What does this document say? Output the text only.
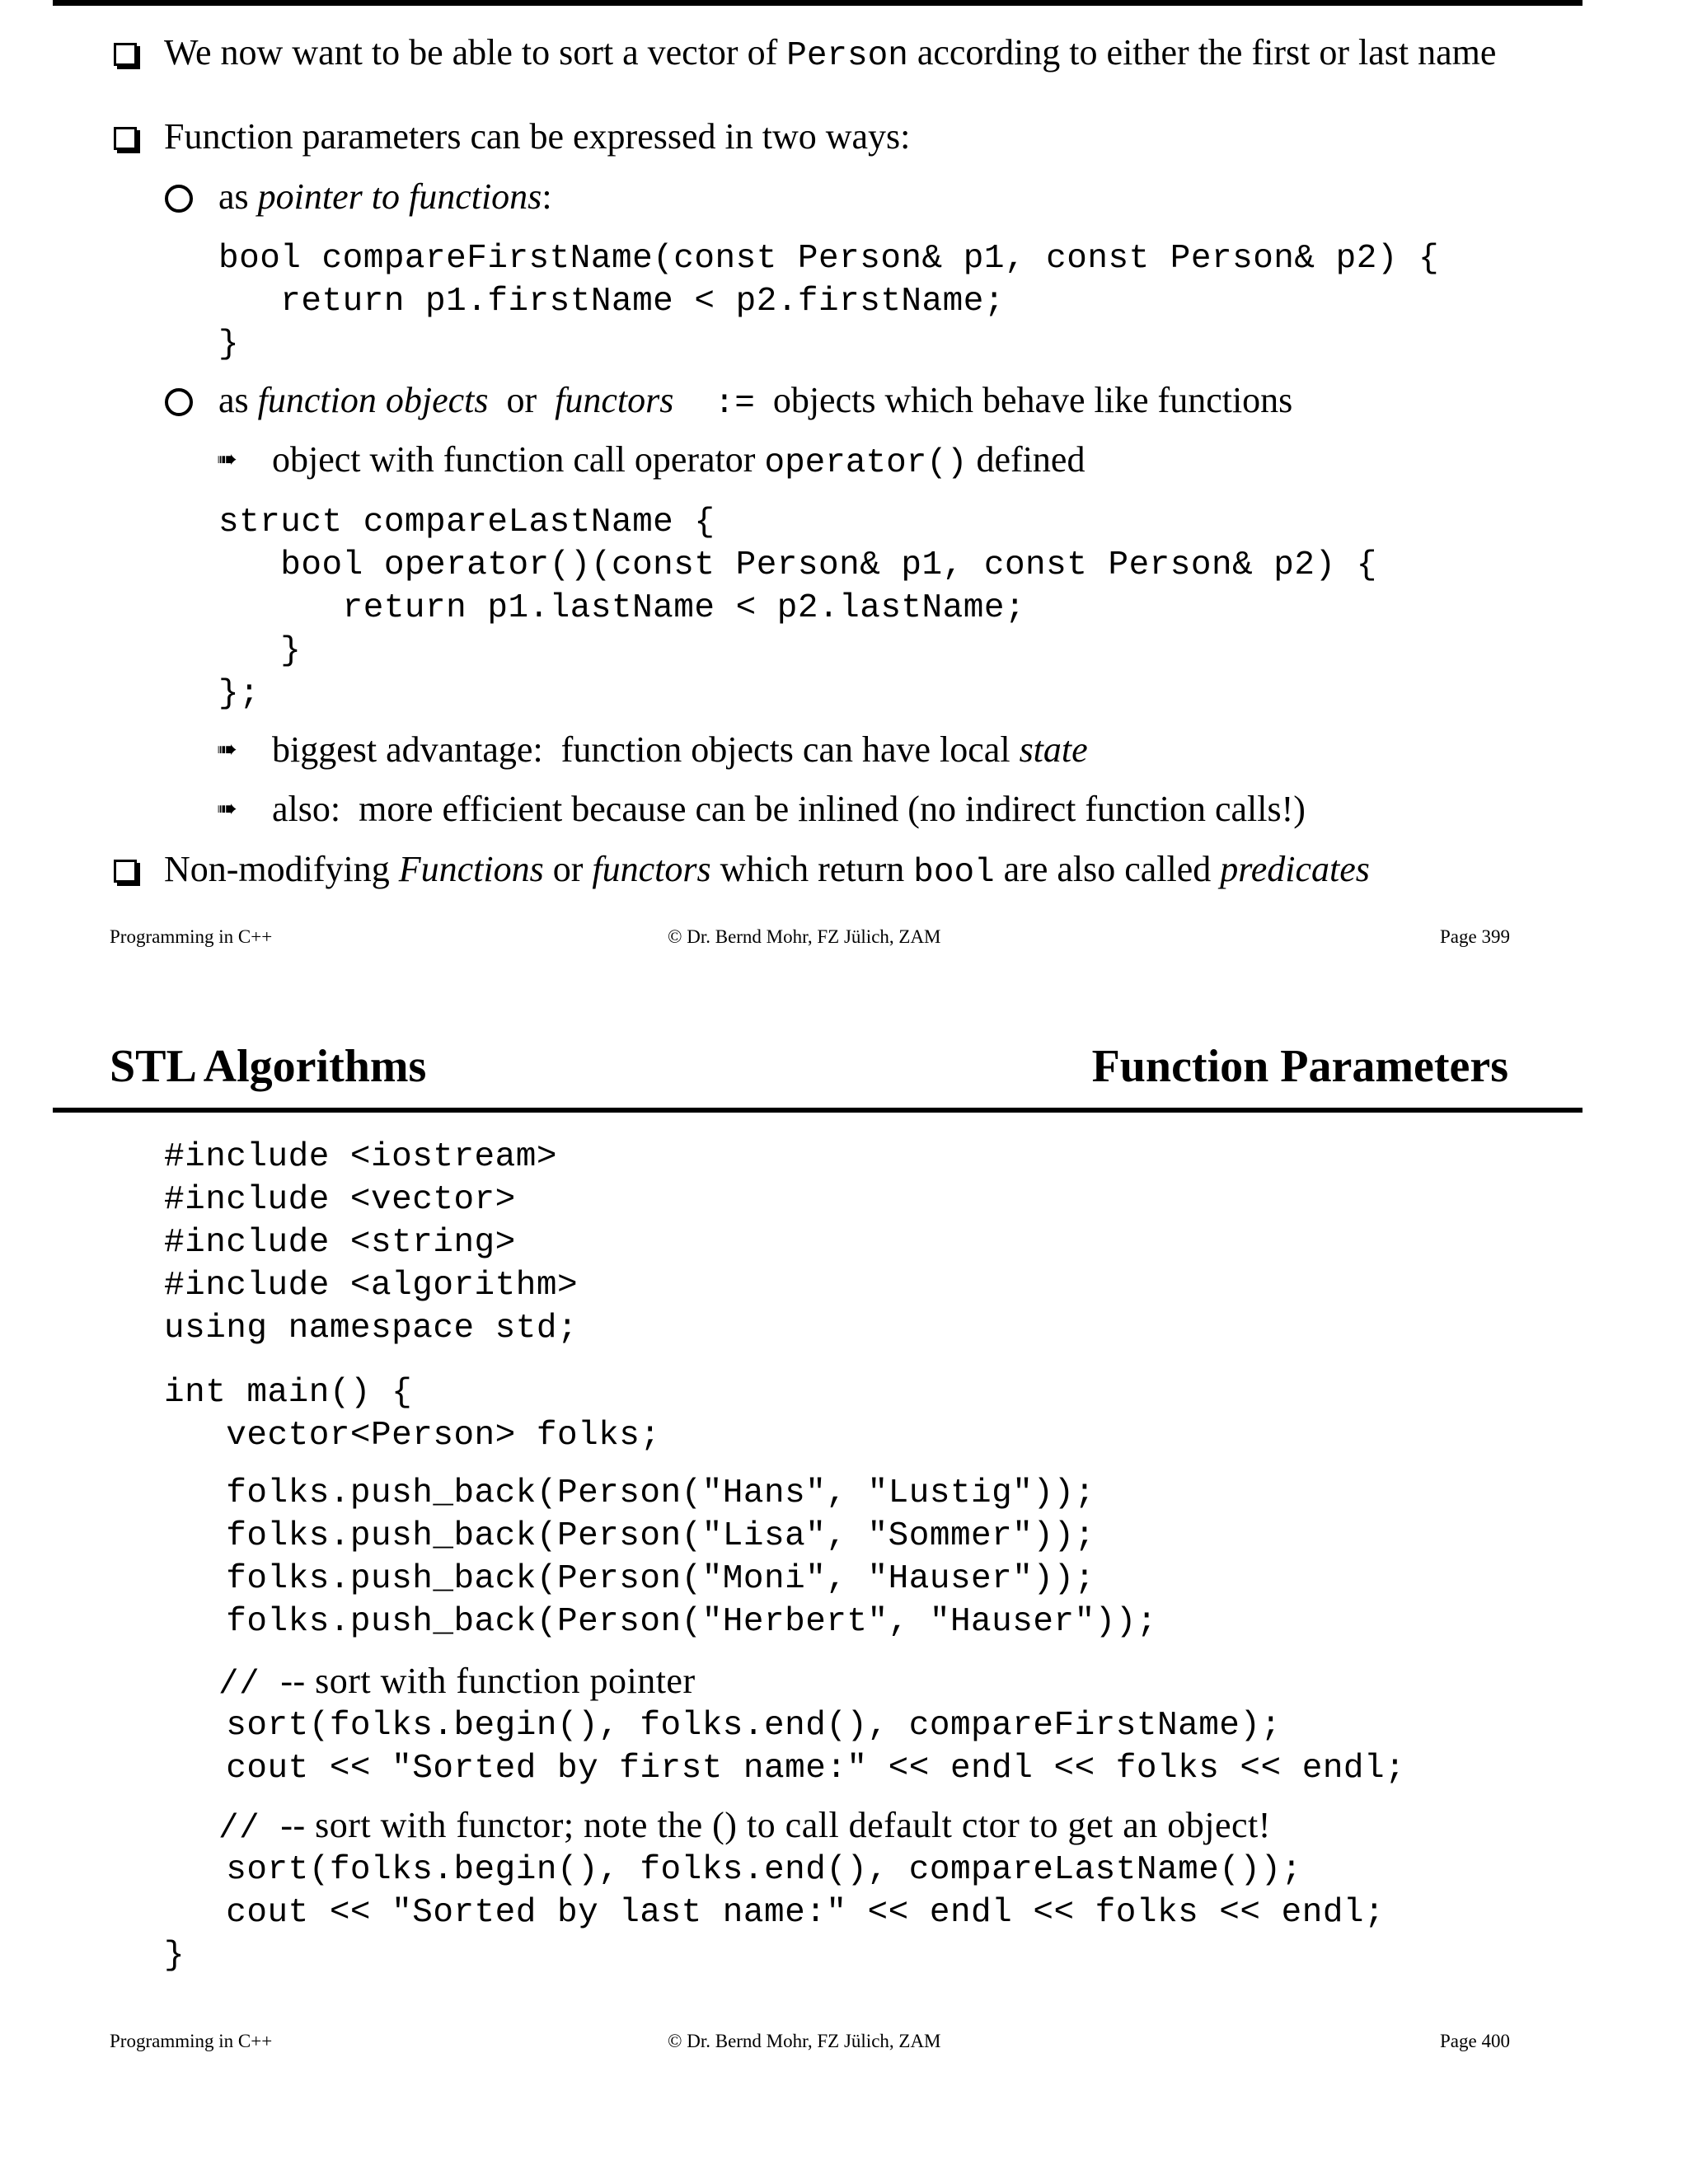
We now want to be able to sort a vector of Person according to either the first or last name
Function parameters can be expressed in two ways:
as pointer to functions:
bool compareFirstName(const Person& p1, const Person& p2) {
return p1.firstName < p2.firstName;
}
as function objects  or  functors  :=  objects which behave like functions
➠ object with function call operator operator() defined
struct compareLastName {
bool operator()(const Person& p1, const Person& p2) {
return p1.lastName < p2.lastName;
}
};
➠ biggest advantage:  function objects can have local state
➠ also:  more efficient because can be inlined (no indirect function calls!)
Non-modifying Functions or functors which return bool are also called predicates
Programming in C++	© Dr. Bernd Mohr, FZ Jülich, ZAM	Page 399
STL Algorithms	Function Parameters
#include <iostream>
#include <vector>
#include <string>
#include <algorithm>
using namespace std;
int main() {
vector<Person> folks;
folks.push_back(Person("Hans", "Lustig"));
folks.push_back(Person("Lisa", "Sommer"));
folks.push_back(Person("Moni", "Hauser"));
folks.push_back(Person("Herbert", "Hauser"));
// -- sort with function pointer
sort(folks.begin(), folks.end(), compareFirstName);
cout << "Sorted by first name:" << endl << folks << endl;
// -- sort with functor; note the () to call default ctor to get an object!
sort(folks.begin(), folks.end(), compareLastName());
cout << "Sorted by last name:" << endl << folks << endl;
}
Programming in C++	© Dr. Bernd Mohr, FZ Jülich, ZAM	Page 400
